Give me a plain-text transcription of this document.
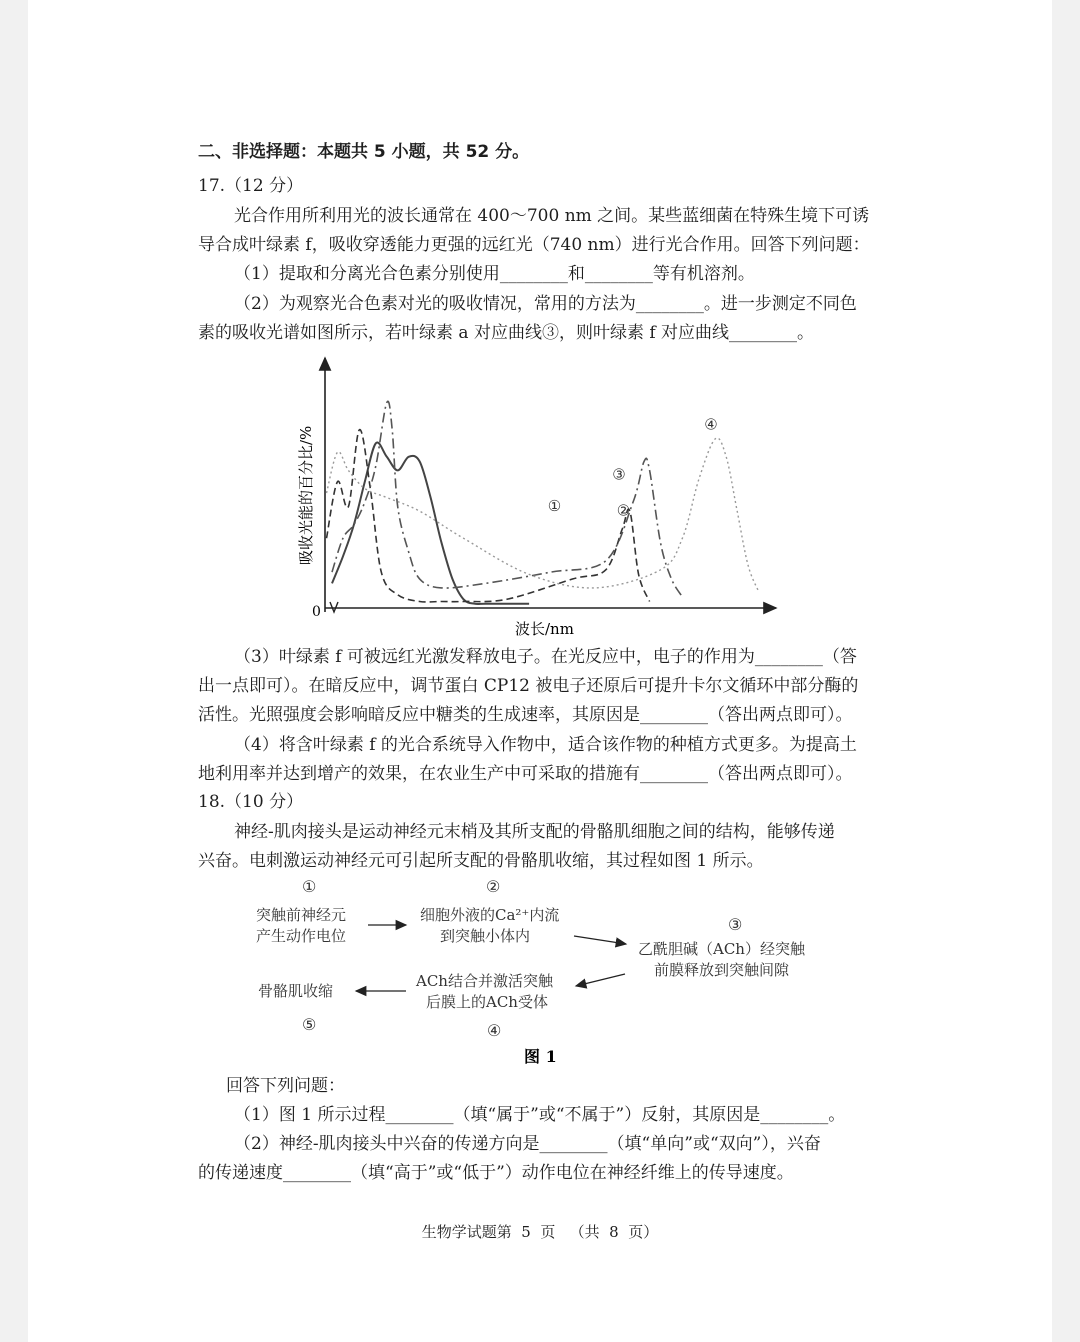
二、非选择题：本题共 5 小题，共 52 分。
17.（12 分）
光合作用所利用光的波长通常在 400～700 nm 之间。某些蓝细菌在特殊生境下可诱
导合成叶绿素 f，吸收穿透能力更强的远红光（740 nm）进行光合作用。回答下列问题：
（1）提取和分离光合色素分别使用________和________等有机溶剂。
（2）为观察光合色素对光的吸收情况，常用的方法为________。进一步测定不同色
素的吸收光谱如图所示，若叶绿素 a 对应曲线③，则叶绿素 f 对应曲线________。
0
吸收光能的百分比/%
波长/nm
①	②
③
④
（3）叶绿素 f 可被远红光激发释放电子。在光反应中，电子的作用为________（答
出一点即可）。在暗反应中，调节蛋白 CP12 被电子还原后可提升卡尔文循环中部分酶的
活性。光照强度会影响暗反应中糖类的生成速率，其原因是________（答出两点即可）。
（4）将含叶绿素 f 的光合系统导入作物中，适合该作物的种植方式更多。为提高土
地利用率并达到增产的效果，在农业生产中可采取的措施有________（答出两点即可）。
18.（10 分）
神经-肌肉接头是运动神经元末梢及其所支配的骨骼肌细胞之间的结构，能够传递
兴奋。电刺激运动神经元可引起所支配的骨骼肌收缩，其过程如图 1 所示。
①
突触前神经元
产生动作电位
②
细胞外液的Ca²⁺内流
到突触小体内
③
乙酰胆碱（ACh）经突触
前膜释放到突触间隙
ACh结合并激活突触
后膜上的ACh受体
④
骨骼肌收缩
⑤
图 1
回答下列问题：
（1）图 1 所示过程________（填“属于”或“不属于”）反射，其原因是________。
（2）神经-肌肉接头中兴奋的传递方向是________（填“单向”或“双向”），兴奋
的传递速度________（填“高于”或“低于”）动作电位在神经纤维上的传导速度。
生物学试题第  5  页   （共  8  页）
